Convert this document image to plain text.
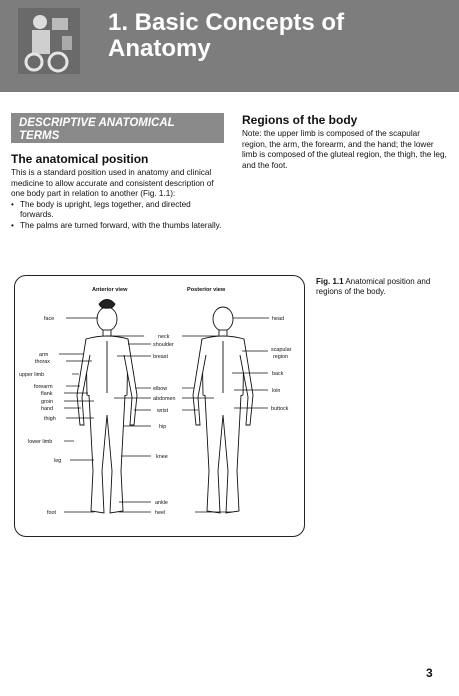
1. Basic Concepts of
Anatomy
DESCRIPTIVE ANATOMICAL
TERMS
The anatomical position
This is a standard position used in anatomy and clinical medicine to allow accurate and consistent description of one body part in relation to another (Fig. 1.1):
• The body is upright, legs together, and directed forwards.
• The palms are turned forward, with the thumbs laterally.
Regions of the body
Note: the upper limb is composed of the scapular region, the arm, the forearm, and the hand; the lower limb is composed of the gluteal region, the thigh, the leg, and the foot.
Anterior view	Posterior view
face
arm
thorax
upper limb
forearm
flank
groin
hand
thigh
lower limb
leg
foot
neck
shoulder
breast
elbow
abdomen
wrist
hip
knee
ankle
heel
head
scapular
region
back
loin
buttock
Fig. 1.1 Anatomical position and regions of the body.
3
